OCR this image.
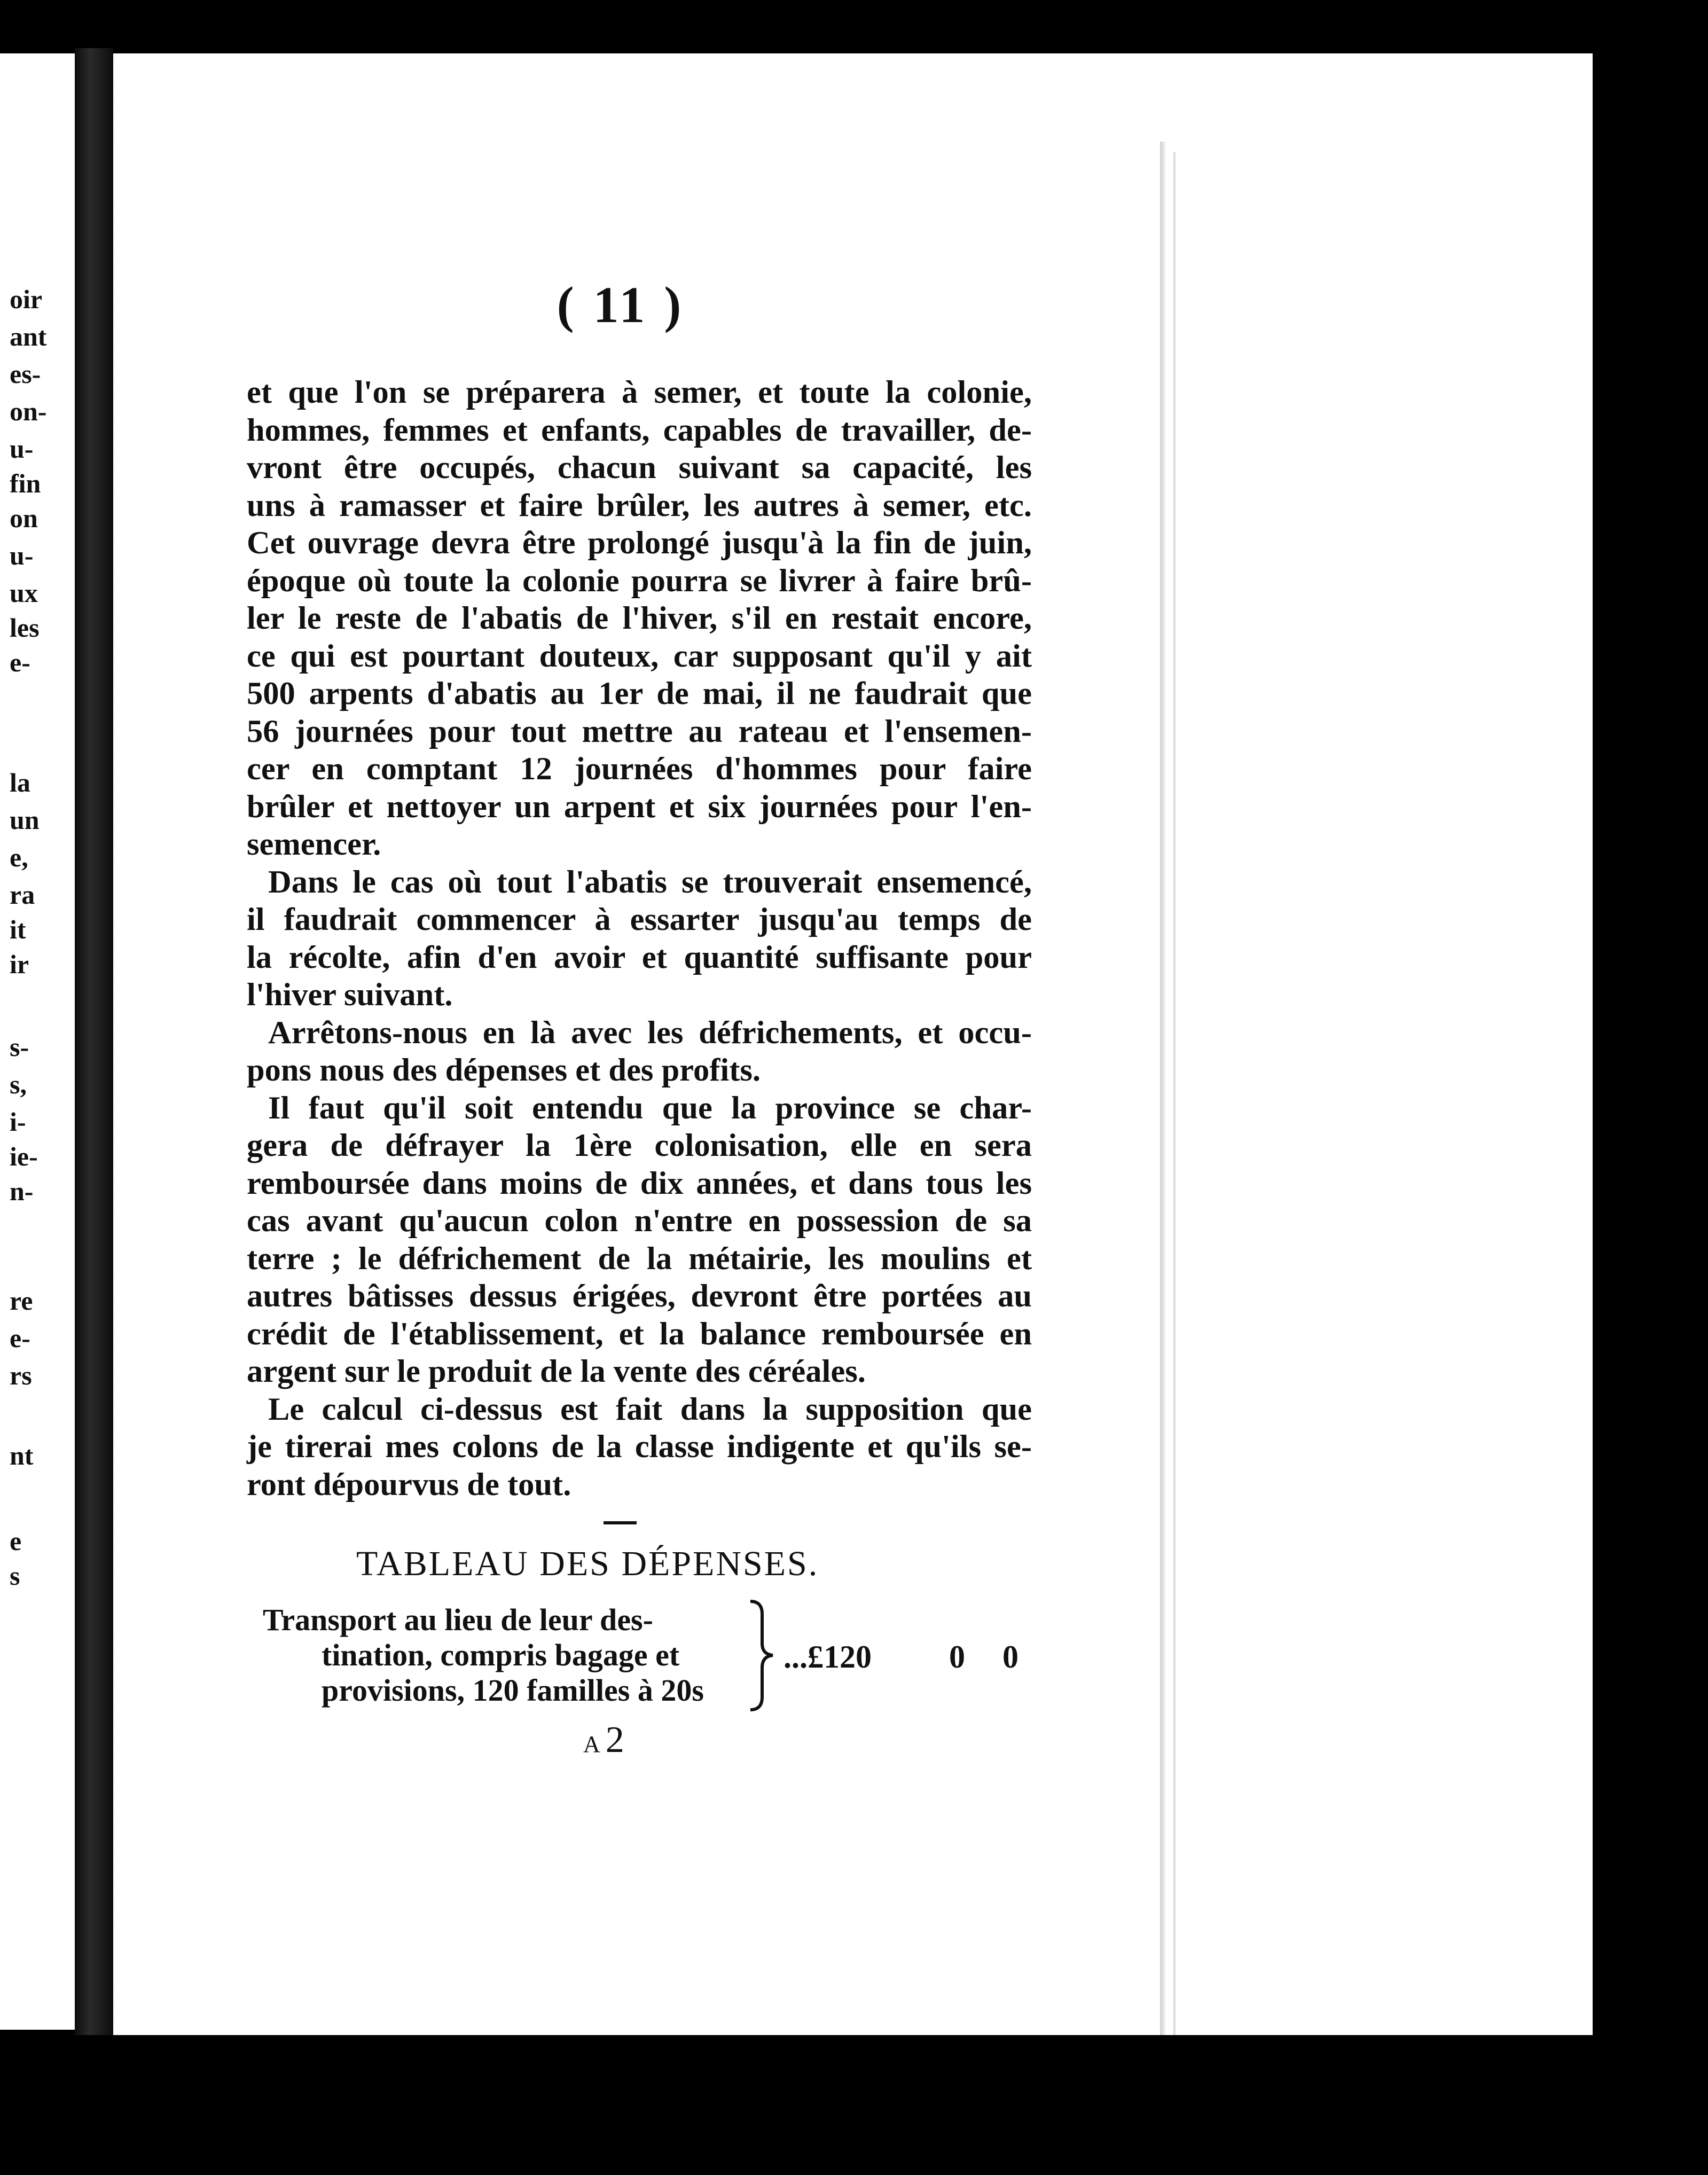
oir
ant
es-
on-
u-
fin
on
u-
ux
les
e-
la
un
e,
ra
it
ir
s-
s,
i-
ie-
n-
re
e-
rs
nt
e
s
( 11 )
et que l'on se préparera à semer, et toute la colonie,
hommes, femmes et enfants, capables de travailler, de-
vront être occupés, chacun suivant sa capacité, les
uns à ramasser et faire brûler, les autres à semer, etc.
Cet ouvrage devra être prolongé jusqu'à la fin de juin,
époque où toute la colonie pourra se livrer à faire brû-
ler le reste de l'abatis de l'hiver, s'il en restait encore,
ce qui est pourtant douteux, car supposant qu'il y ait
500 arpents d'abatis au 1er de mai, il ne faudrait que
56 journées pour tout mettre au rateau et l'ensemen-
cer en comptant 12 journées d'hommes pour faire
brûler et nettoyer un arpent et six journées pour l'en-
semencer.
Dans le cas où tout l'abatis se trouverait ensemencé,
il faudrait commencer à essarter jusqu'au temps de
la récolte, afin d'en avoir et quantité suffisante pour
l'hiver suivant.
Arrêtons-nous en là avec les défrichements, et occu-
pons nous des dépenses et des profits.
Il faut qu'il soit entendu que la province se char-
gera de défrayer la 1ère colonisation, elle en sera
remboursée dans moins de dix années, et dans tous les
cas avant qu'aucun colon n'entre en possession de sa
terre ; le défrichement de la métairie, les moulins et
autres bâtisses dessus érigées, devront être portées au
crédit de l'établissement, et la balance remboursée en
argent sur le produit de la vente des céréales.
Le calcul ci-dessus est fait dans la supposition que
je tirerai mes colons de la classe indigente et qu'ils se-
ront dépourvus de tout.
TABLEAU DES DÉPENSES.
Transport au lieu de leur des-
tination, compris bagage et
provisions, 120 familles à 20s
...£120 0 0
A 2
